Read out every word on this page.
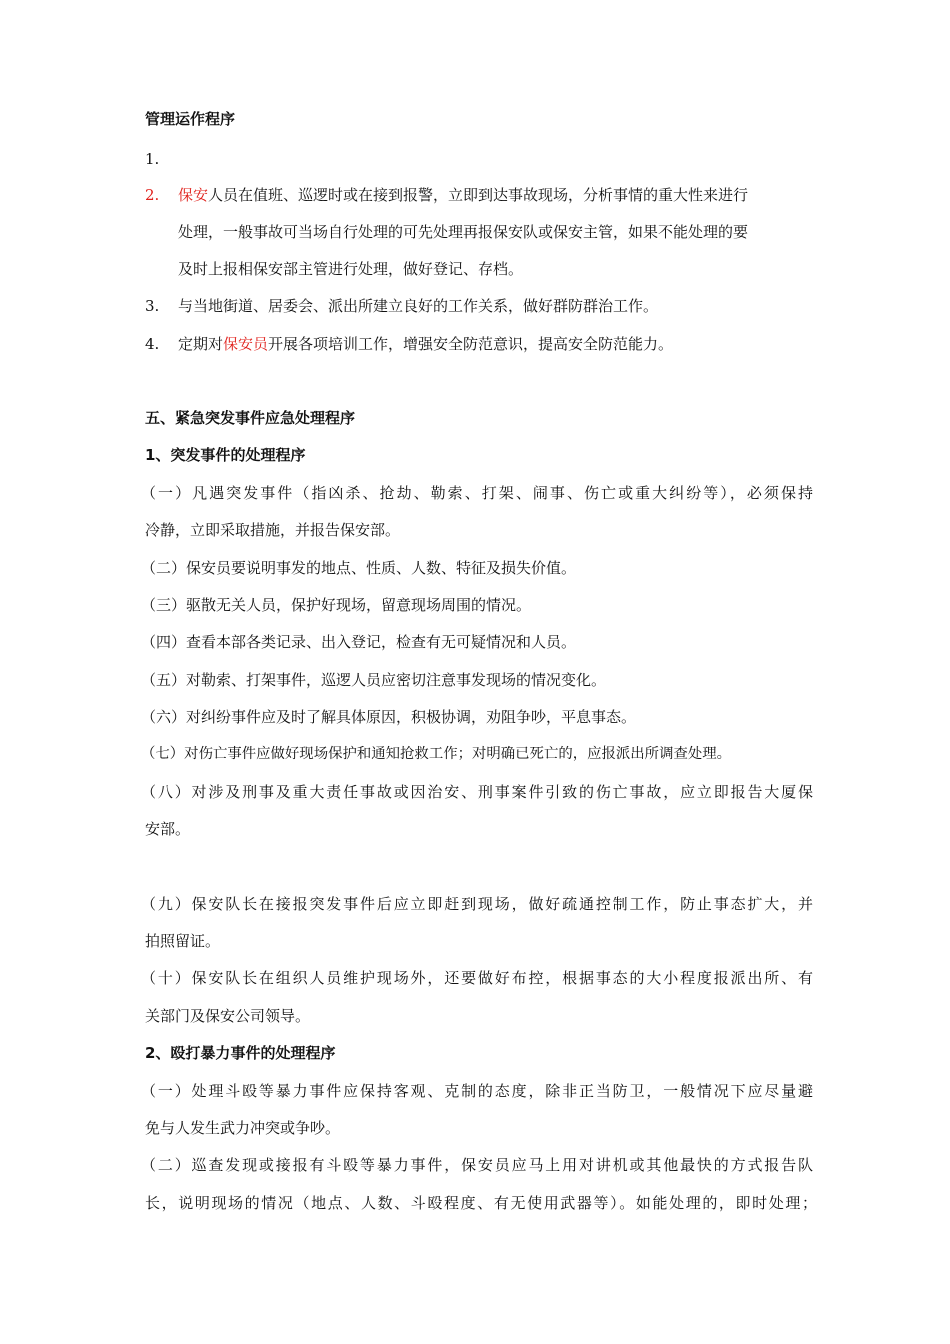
管理运作程序
1.
2. 保安人员在值班、巡逻时或在接到报警，立即到达事故现场，分析事情的重大性来进行
处理，一般事故可当场自行处理的可先处理再报保安队或保安主管，如果不能处理的要
及时上报相保安部主管进行处理，做好登记、存档。
3. 与当地街道、居委会、派出所建立良好的工作关系，做好群防群治工作。
4. 定期对保安员开展各项培训工作，增强安全防范意识，提高安全防范能力。
五、紧急突发事件应急处理程序
1、突发事件的处理程序
（一）凡遇突发事件（指凶杀、抢劫、勒索、打架、闹事、伤亡或重大纠纷等），必须保持
冷静，立即采取措施，并报告保安部。
（二）保安员要说明事发的地点、性质、人数、特征及损失价值。
（三）驱散无关人员，保护好现场，留意现场周围的情况。
（四）查看本部各类记录、出入登记，检查有无可疑情况和人员。
（五）对勒索、打架事件，巡逻人员应密切注意事发现场的情况变化。
（六）对纠纷事件应及时了解具体原因，积极协调，劝阻争吵，平息事态。
（七）对伤亡事件应做好现场保护和通知抢救工作；对明确已死亡的，应报派出所调查处理。
（八）对涉及刑事及重大责任事故或因治安、刑事案件引致的伤亡事故，应立即报告大厦保
安部。
（九）保安队长在接报突发事件后应立即赶到现场，做好疏通控制工作，防止事态扩大，并
拍照留证。
（十）保安队长在组织人员维护现场外，还要做好布控，根据事态的大小程度报派出所、有
关部门及保安公司领导。
2、殴打暴力事件的处理程序
（一）处理斗殴等暴力事件应保持客观、克制的态度，除非正当防卫，一般情况下应尽量避
免与人发生武力冲突或争吵。
（二）巡查发现或接报有斗殴等暴力事件，保安员应马上用对讲机或其他最快的方式报告队
长，说明现场的情况（地点、人数、斗殴程度、有无使用武器等）。如能处理的，即时处理；
